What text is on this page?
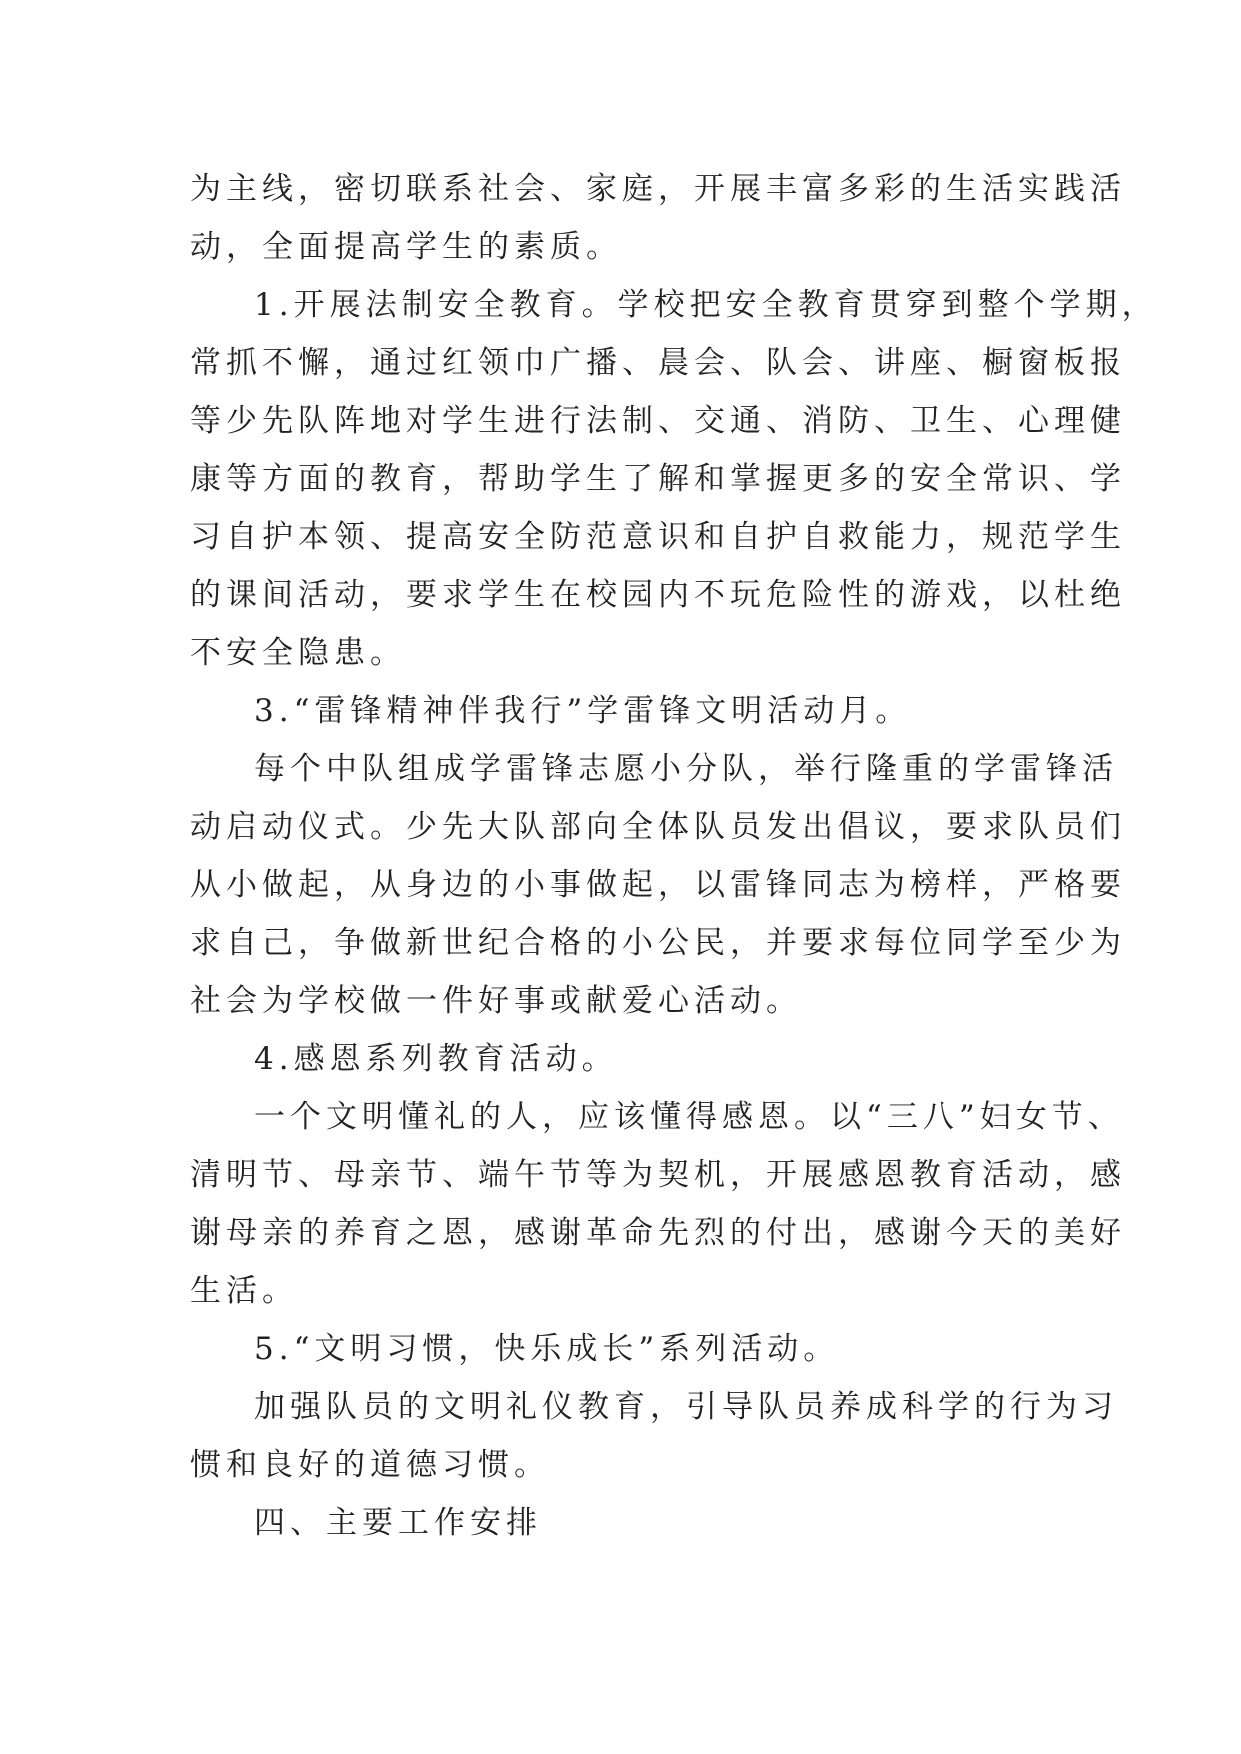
为主线，密切联系社会、家庭，开展丰富多彩的生活实践活
动，全面提高学生的素质。
1.开展法制安全教育。学校把安全教育贯穿到整个学期，
常抓不懈，通过红领巾广播、晨会、队会、讲座、橱窗板报
等少先队阵地对学生进行法制、交通、消防、卫生、心理健
康等方面的教育，帮助学生了解和掌握更多的安全常识、学
习自护本领、提高安全防范意识和自护自救能力，规范学生
的课间活动，要求学生在校园内不玩危险性的游戏，以杜绝
不安全隐患。
3.“雷锋精神伴我行”学雷锋文明活动月。
每个中队组成学雷锋志愿小分队，举行隆重的学雷锋活
动启动仪式。少先大队部向全体队员发出倡议，要求队员们
从小做起，从身边的小事做起，以雷锋同志为榜样，严格要
求自己，争做新世纪合格的小公民，并要求每位同学至少为
社会为学校做一件好事或献爱心活动。
4.感恩系列教育活动。
一个文明懂礼的人，应该懂得感恩。以“三八”妇女节、
清明节、母亲节、端午节等为契机，开展感恩教育活动，感
谢母亲的养育之恩，感谢革命先烈的付出，感谢今天的美好
生活。
5.“文明习惯，快乐成长”系列活动。
加强队员的文明礼仪教育，引导队员养成科学的行为习
惯和良好的道德习惯。
四、主要工作安排
